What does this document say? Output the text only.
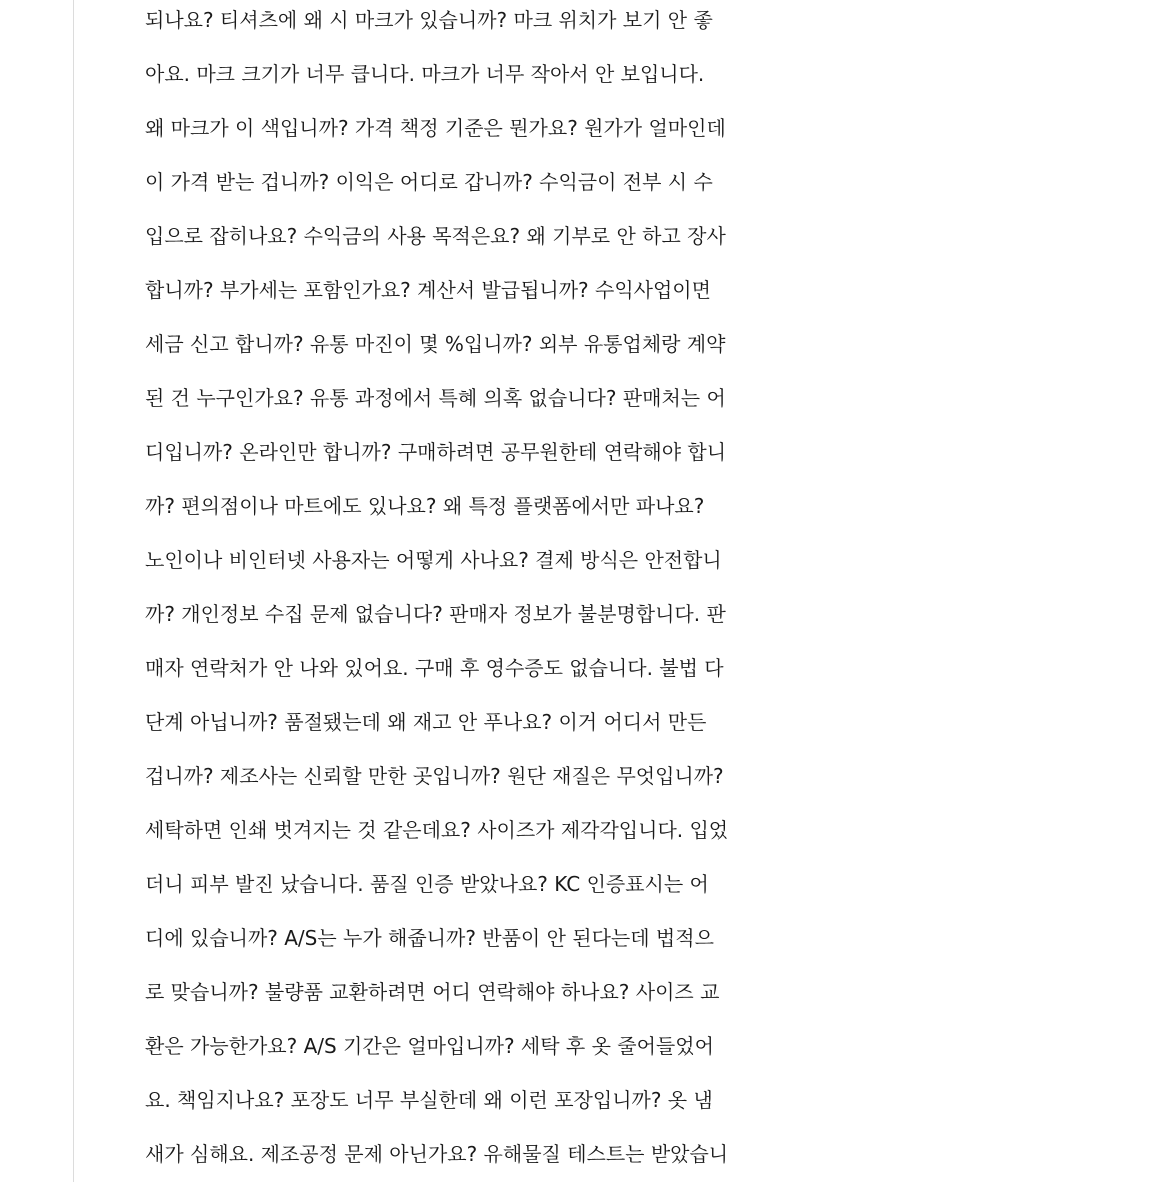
되나요? 티셔츠에 왜 시 마크가 있습니까? 마크 위치가 보기 안 좋
아요. 마크 크기가 너무 큽니다. 마크가 너무 작아서 안 보입니다.
왜 마크가 이 색입니까? 가격 책정 기준은 뭔가요? 원가가 얼마인데
이 가격 받는 겁니까? 이익은 어디로 갑니까? 수익금이 전부 시 수
입으로 잡히나요? 수익금의 사용 목적은요? 왜 기부로 안 하고 장사
합니까? 부가세는 포함인가요? 계산서 발급됩니까? 수익사업이면
세금 신고 합니까? 유통 마진이 몇 %입니까? 외부 유통업체랑 계약
된 건 누구인가요? 유통 과정에서 특혜 의혹 없습니다? 판매처는 어
디입니까? 온라인만 합니까? 구매하려면 공무원한테 연락해야 합니
까? 편의점이나 마트에도 있나요? 왜 특정 플랫폼에서만 파나요?
노인이나 비인터넷 사용자는 어떻게 사나요? 결제 방식은 안전합니
까? 개인정보 수집 문제 없습니다? 판매자 정보가 불분명합니다. 판
매자 연락처가 안 나와 있어요. 구매 후 영수증도 없습니다. 불법 다
단계 아닙니까? 품절됐는데 왜 재고 안 푸나요? 이거 어디서 만든
겁니까? 제조사는 신뢰할 만한 곳입니까? 원단 재질은 무엇입니까?
세탁하면 인쇄 벗겨지는 것 같은데요? 사이즈가 제각각입니다. 입었
더니 피부 발진 났습니다. 품질 인증 받았나요? KC 인증표시는 어
디에 있습니까? A/S는 누가 해줍니까? 반품이 안 된다는데 법적으
로 맞습니까? 불량품 교환하려면 어디 연락해야 하나요? 사이즈 교
환은 가능한가요? A/S 기간은 얼마입니까? 세탁 후 옷 줄어들었어
요. 책임지나요? 포장도 너무 부실한데 왜 이런 포장입니까? 옷 냄
새가 심해요. 제조공정 문제 아닌가요? 유해물질 테스트는 받았습니
